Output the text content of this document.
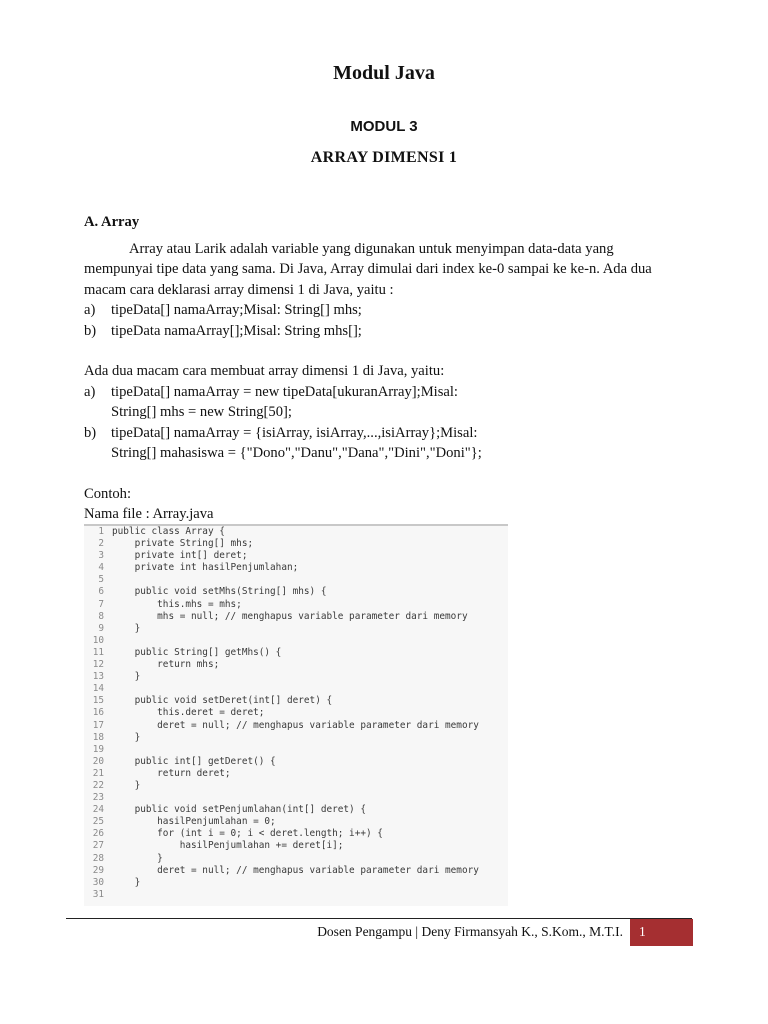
Modul Java
MODUL 3
ARRAY DIMENSI 1
A. Array

Array atau Larik adalah variable yang digunakan untuk menyimpan data-data yang mempunyai tipe data yang sama. Di Java, Array dimulai dari index ke-0 sampai ke ke-n. Ada dua macam cara deklarasi array dimensi 1 di Java, yaitu :

a) tipeData[] namaArray;Misal: String[] mhs;
b) tipeData namaArray[];Misal: String mhs[];

Ada dua macam cara membuat array dimensi 1 di Java, yaitu:

a) tipeData[] namaArray = new tipeData[ukuranArray];Misal:
String[] mhs = new String[50];
b) tipeData[] namaArray = {isiArray, isiArray,...,isiArray};Misal:
String[] mahasiswa = {"Dono","Danu","Dana","Dini","Doni"};
Contoh:
Nama file : Array.java
1 public class Array {
2 private String[] mhs;
3 private int[] deret;
4 private int hasilPenjumlahan;
5
6 public void setMhs(String[] mhs) {
7 this.mhs = mhs;
8 mhs = null; // menghapus variable parameter dari memory
9 }
10
11 public String[] getMhs() {
12 return mhs;
13 }
14
15 public void setDeret(int[] deret) {
16 this.deret = deret;
17 deret = null; // menghapus variable parameter dari memory
18 }
19
20 public int[] getDeret() {
21 return deret;
22 }
23
24 public void setPenjumlahan(int[] deret) {
25 hasilPenjumlahan = 0;
26 for (int i = 0; i < deret.length; i++) {
27 hasilPenjumlahan += deret[i];
28 }
29 deret = null; // menghapus variable parameter dari memory
30 }
31
Dosen Pengampu | Deny Firmansyah K., S.Kom., M.T.I. 1
